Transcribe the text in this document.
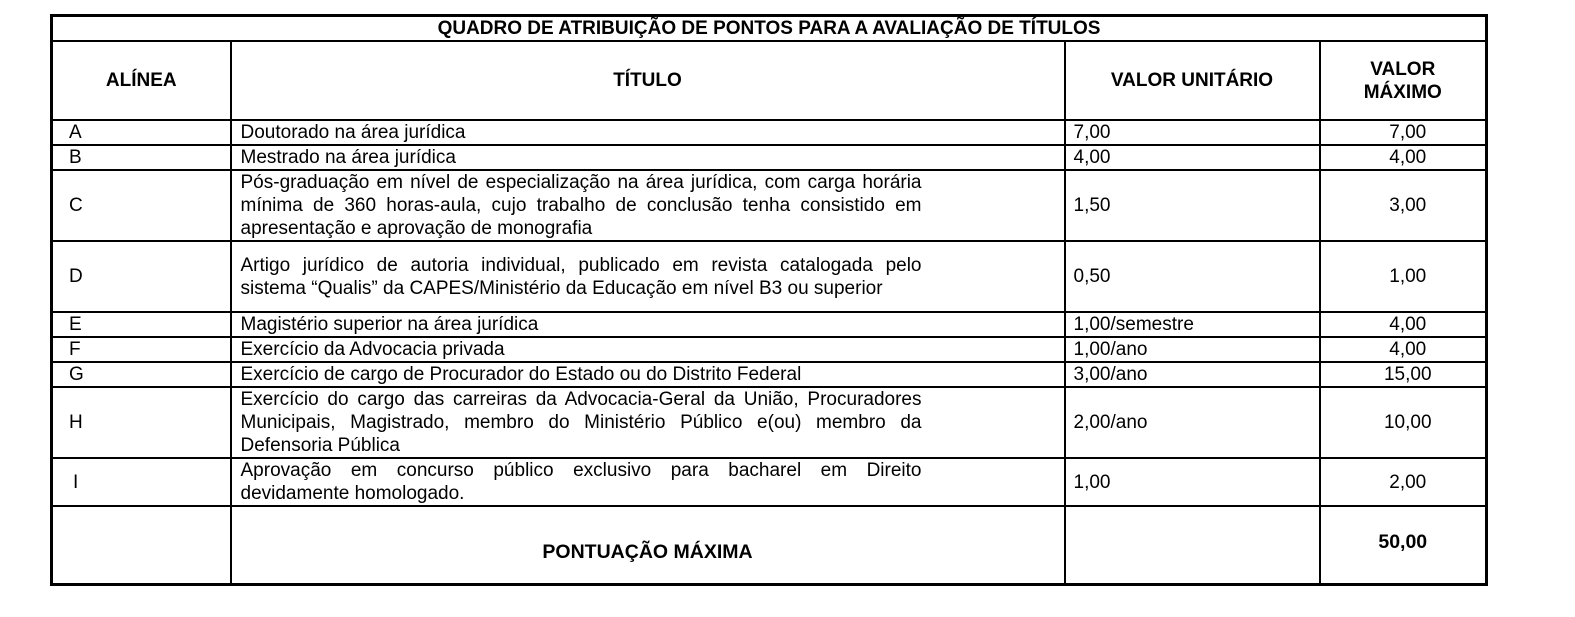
QUADRO DE ATRIBUIÇÃO DE PONTOS PARA A AVALIAÇÃO DE TÍTULOS			
ALÍNEA	TÍTULO	VALOR UNITÁRIO	VALOR
MÁXIMO
A	Doutorado na área jurídica	7,00	7,00
B	Mestrado na área jurídica	4,00	4,00
C	Pós-graduação em nível de especialização na área jurídica, com carga horária mínima de 360 horas-aula, cujo trabalho de conclusão tenha consistido em apresentação e aprovação de monografia	1,50	3,00
D	Artigo jurídico de autoria individual, publicado em revista catalogada pelo sistema “Qualis” da CAPES/Ministério da Educação em nível B3 ou superior	0,50	1,00
E	Magistério superior na área jurídica	1,00/semestre	4,00
F	Exercício da Advocacia privada	1,00/ano	4,00
G	Exercício de cargo de Procurador do Estado ou do Distrito Federal	3,00/ano	15,00
H	Exercício do cargo das carreiras da Advocacia-Geral da União, Procuradores Municipais, Magistrado, membro do Ministério Público e(ou) membro da Defensoria Pública	2,00/ano	10,00
I	Aprovação em concurso público exclusivo para bacharel em Direito devidamente homologado.	1,00	2,00
	PONTUAÇÃO MÁXIMA		50,00
